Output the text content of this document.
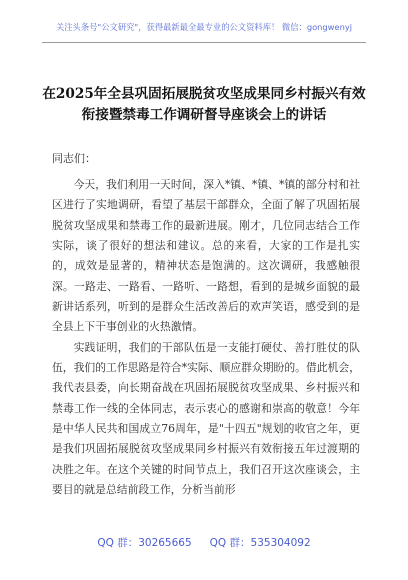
关注头条号"公文研究"，获得最新最全最专业的公文资料库！ 微信：gongwenyj
在2025年全县巩固拓展脱贫攻坚成果同乡村振兴有效
衔接暨禁毒工作调研督导座谈会上的讲话
同志们：

今天，我们利用一天时间，深入*镇、*镇、*镇的部分村和社区进行了实地调研，看望了基层干部群众，全面了解了巩固拓展脱贫攻坚成果和禁毒工作的最新进展。刚才，几位同志结合工作实际，谈了很好的想法和建议。总的来看，大家的工作是扎实的，成效是显著的，精神状态是饱满的。这次调研，我感触很深。一路走、一路看、一路听、一路想，看到的是城乡面貌的最新讲话系列，听到的是群众生活改善后的欢声笑语，感受到的是全县上下干事创业的火热激情。

实践证明，我们的干部队伍是一支能打硬仗、善打胜仗的队伍，我们的工作思路是符合*实际、顺应群众期盼的。借此机会，我代表县委，向长期奋战在巩固拓展脱贫攻坚成果、乡村振兴和禁毒工作一线的全体同志，表示衷心的感谢和崇高的敬意！今年是中华人民共和国成立76周年，是"十四五"规划的收官之年，更是我们巩固拓展脱贫攻坚成果同乡村振兴有效衔接五年过渡期的决胜之年。在这个关键的时间节点上，我们召开这次座谈会，主要目的就是总结前段工作，分析当前形

QQ 群：30265665 QQ 群：535304092
